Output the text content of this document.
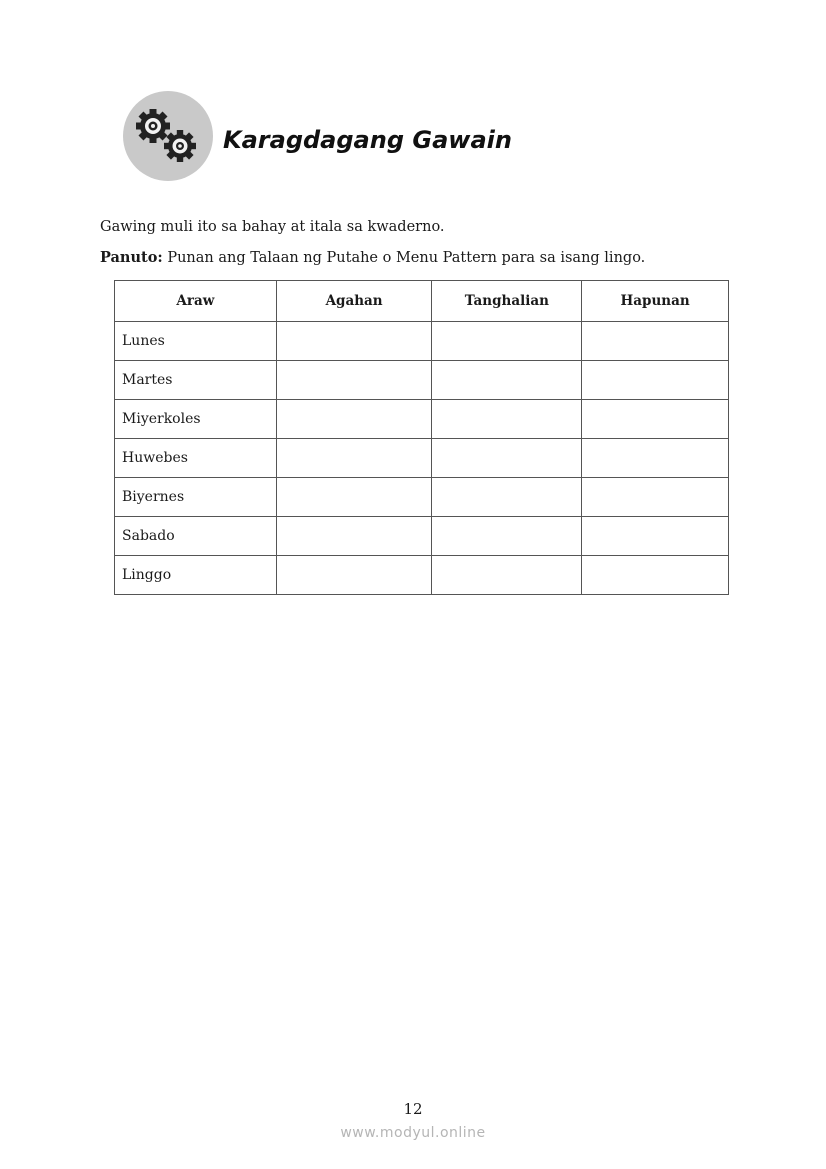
Karagdagang Gawain
Gawing muli ito sa bahay at itala sa kwaderno.
Panuto: Punan ang Talaan ng Putahe o Menu Pattern para sa isang lingo.
Araw	Agahan	Tanghalian	Hapunan
Lunes			
Martes			
Miyerkoles			
Huwebes			
Biyernes			
Sabado			
Linggo			
12
www.modyul.online
